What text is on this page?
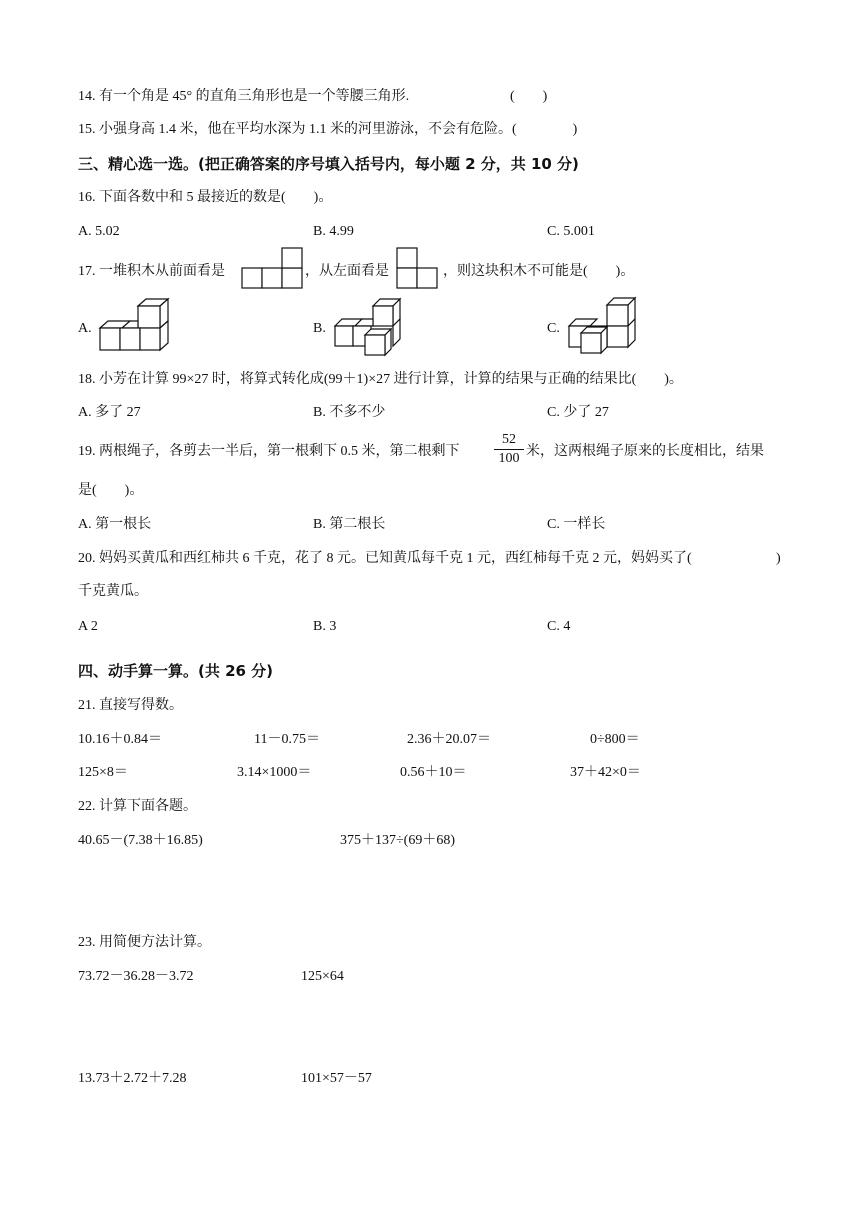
14. 有一个角是 45° 的直角三角形也是一个等腰三角形.	(　　)
15. 小强身高 1.4 米，他在平均水深为 1.1 米的河里游泳，不会有危险。(　　　　)
三、精心选一选。(把正确答案的序号填入括号内，每小题 2 分，共 10 分)
16. 下面各数中和 5 最接近的数是(　　)。
A. 5.02	B. 4.99	C. 5.001
17. 一堆积木从前面看是	，从左面看是	，则这块积木不可能是(　　)。
A.	B.	C.
18. 小芳在计算 99×27 时，将算式转化成(99＋1)×27 进行计算，计算的结果与正确的结果比(　　)。
A. 多了 27	B. 不多不少	C. 少了 27
19. 两根绳子，各剪去一半后，第一根剩下 0.5 米，第二根剩下
52
100 米，这两根绳子原来的长度相比，结果
是(　　)。
A. 第一根长	B. 第二根长	C. 一样长
20. 妈妈买黄瓜和西红柿共 6 千克，花了 8 元。已知黄瓜每千克 1 元，西红柿每千克 2 元，妈妈买了(	)
千克黄瓜。
A 2	B. 3	C. 4
四、动手算一算。(共 26 分)
21. 直接写得数。
10.16＋0.84＝	11－0.75＝	2.36＋20.07＝	0÷800＝
125×8＝	3.14×1000＝	0.56＋10＝	37＋42×0＝
22. 计算下面各题。
40.65－(7.38＋16.85)	375＋137÷(69＋68)
23. 用简便方法计算。
73.72－36.28－3.72	125×64
13.73＋2.72＋7.28	101×57－57
